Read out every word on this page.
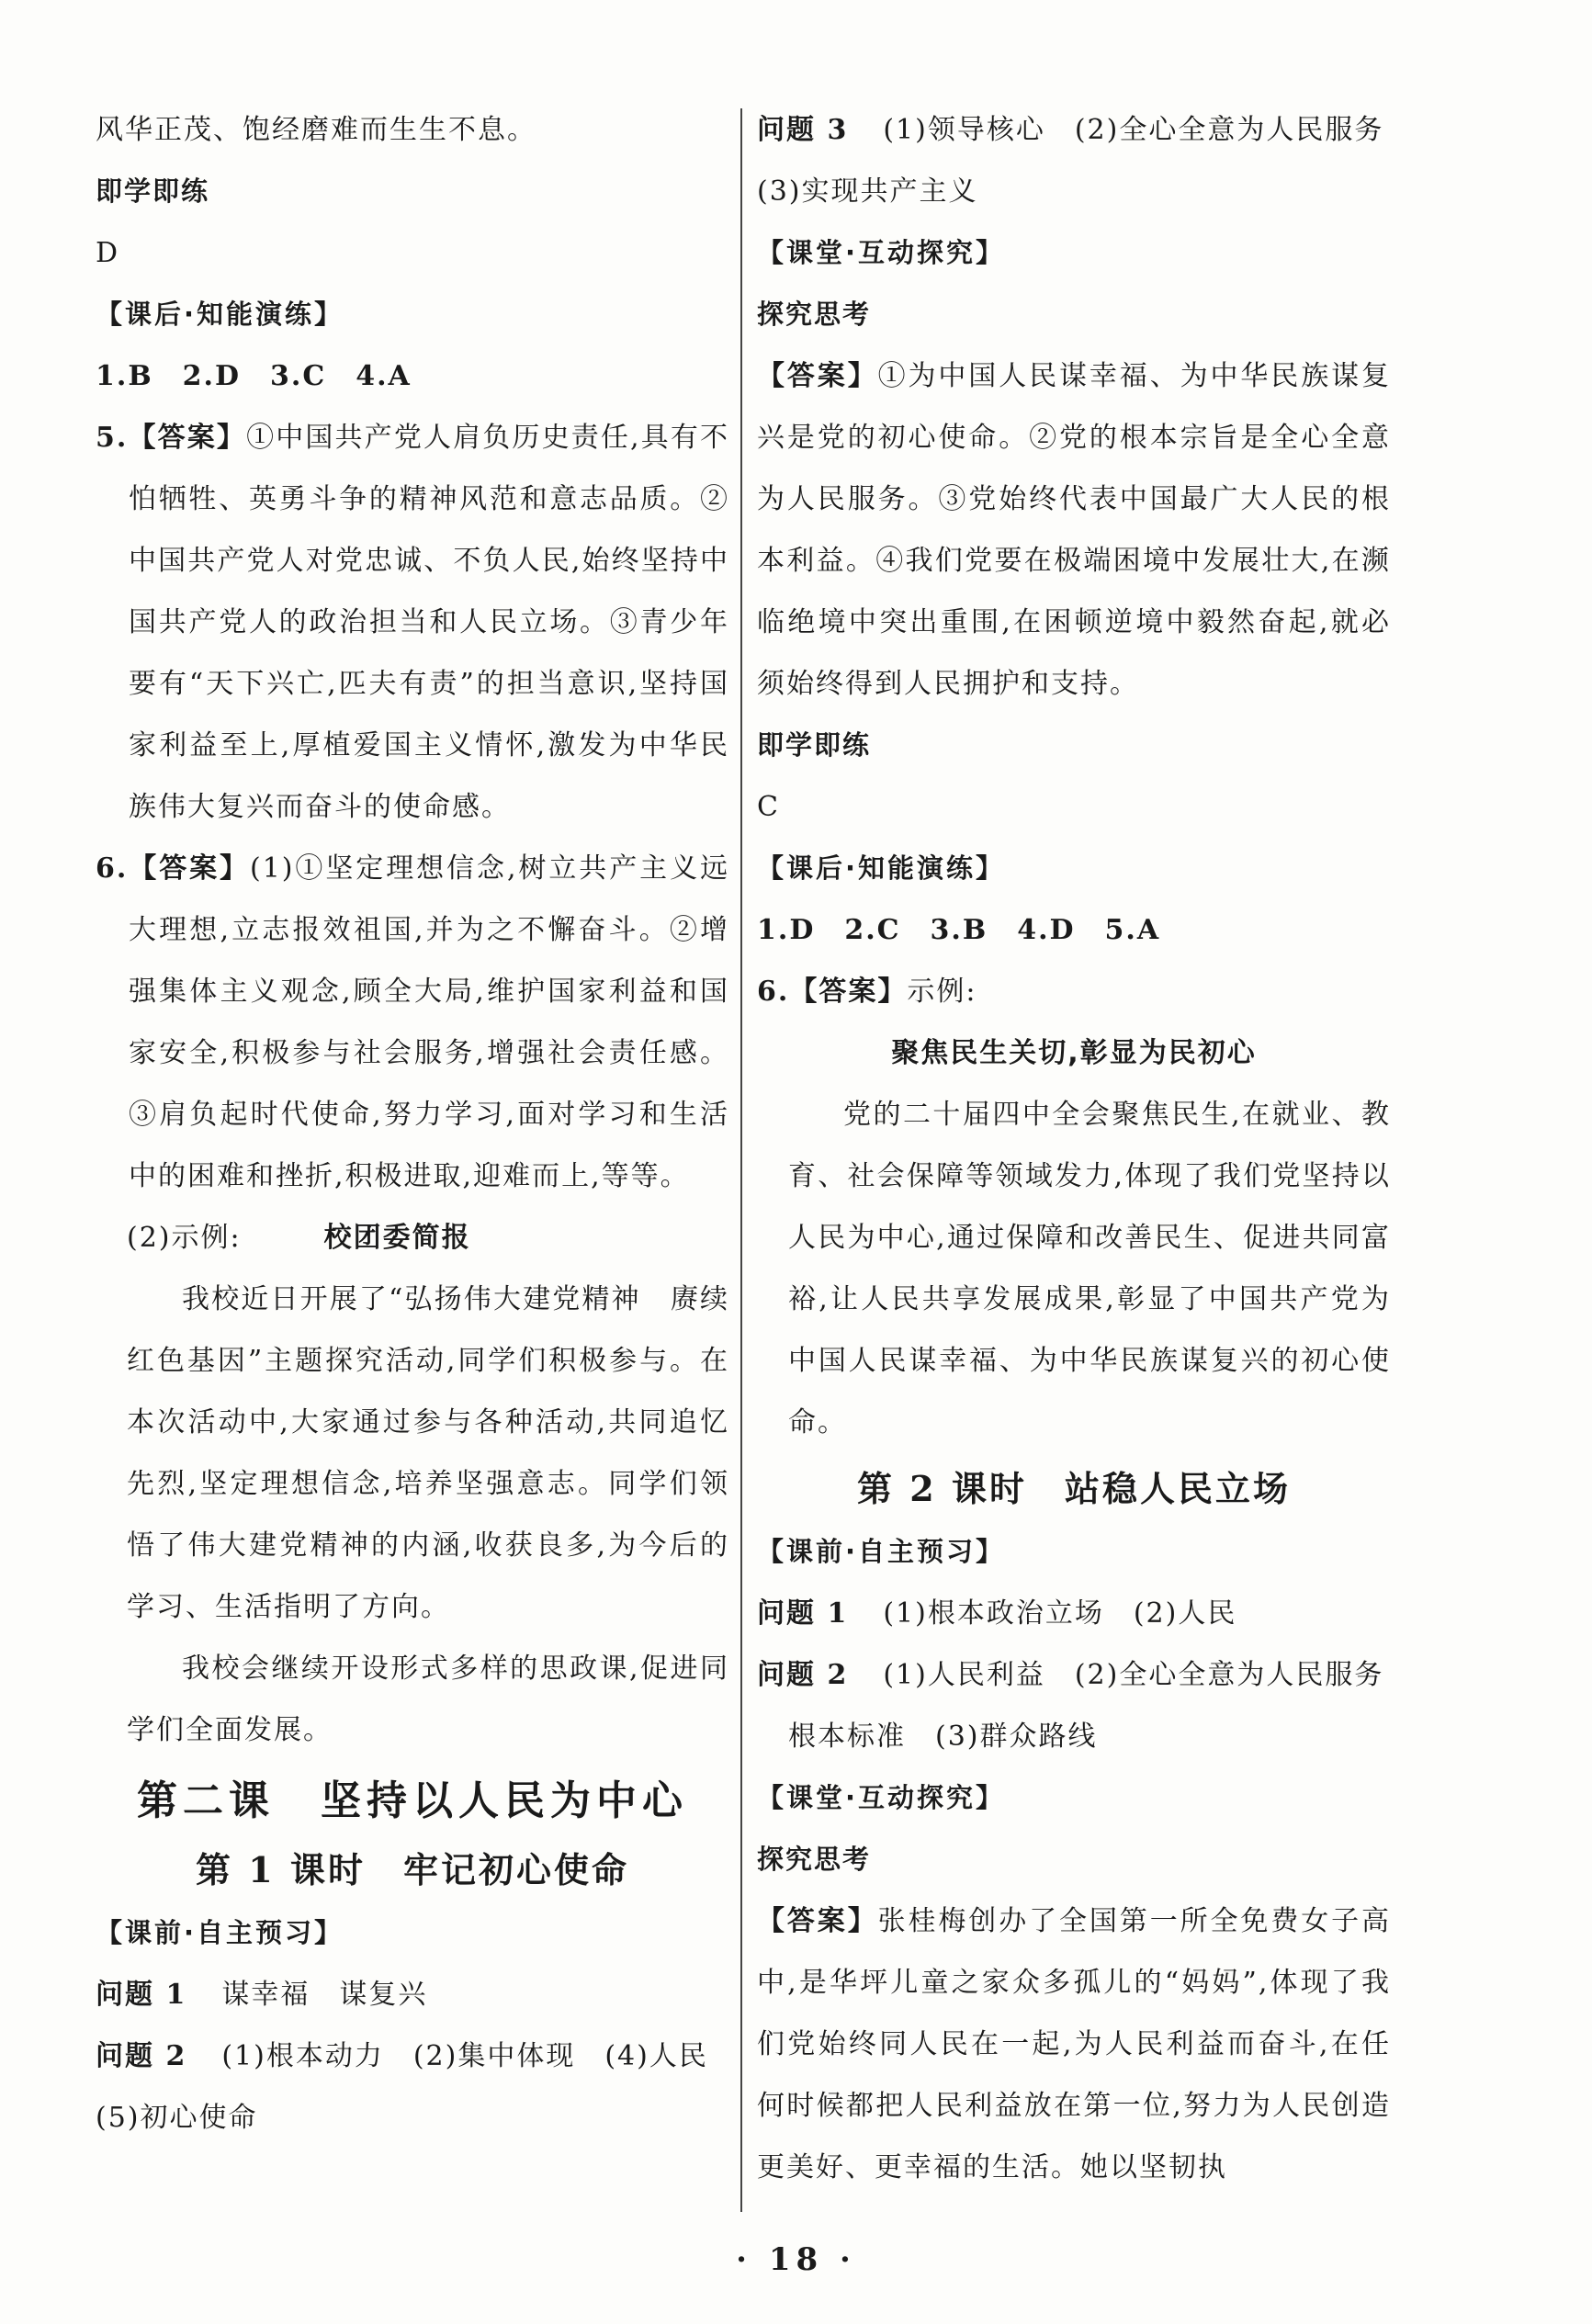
风华正茂、饱经磨难而生生不息。
即学即练
D
【课后·知能演练】
1.B　2.D　3.C　4.A
5.【答案】①中国共产党人肩负历史责任,具有不怕牺牲、英勇斗争的精神风范和意志品质。②中国共产党人对党忠诚、不负人民,始终坚持中国共产党人的政治担当和人民立场。③青少年要有“天下兴亡,匹夫有责”的担当意识,坚持国家利益至上,厚植爱国主义情怀,激发为中华民族伟大复兴而奋斗的使命感。
6.【答案】(1)①坚定理想信念,树立共产主义远大理想,立志报效祖国,并为之不懈奋斗。②增强集体主义观念,顾全大局,维护国家利益和国家安全,积极参与社会服务,增强社会责任感。③肩负起时代使命,努力学习,面对学习和生活中的困难和挫折,积极进取,迎难而上,等等。
(2)示例:	校团委简报
我校近日开展了“弘扬伟大建党精神　赓续红色基因”主题探究活动,同学们积极参与。在本次活动中,大家通过参与各种活动,共同追忆先烈,坚定理想信念,培养坚强意志。同学们领悟了伟大建党精神的内涵,收获良多,为今后的学习、生活指明了方向。
我校会继续开设形式多样的思政课,促进同学们全面发展。
第二课　坚持以人民为中心
第 1 课时　牢记初心使命
【课前·自主预习】
问题 1 谋幸福　谋复兴
问题 2 (1)根本动力　(2)集中体现　(4)人民
(5)初心使命
问题 3 (1)领导核心　(2)全心全意为人民服务
(3)实现共产主义
【课堂·互动探究】
探究思考
【答案】①为中国人民谋幸福、为中华民族谋复兴是党的初心使命。②党的根本宗旨是全心全意为人民服务。③党始终代表中国最广大人民的根本利益。④我们党要在极端困境中发展壮大,在濒临绝境中突出重围,在困顿逆境中毅然奋起,就必须始终得到人民拥护和支持。
即学即练
C
【课后·知能演练】
1.D　2.C　3.B　4.D　5.A
6.【答案】示例:
聚焦民生关切,彰显为民初心
党的二十届四中全会聚焦民生,在就业、教育、社会保障等领域发力,体现了我们党坚持以人民为中心,通过保障和改善民生、促进共同富裕,让人民共享发展成果,彰显了中国共产党为中国人民谋幸福、为中华民族谋复兴的初心使命。
第 2 课时　站稳人民立场
【课前·自主预习】
问题 1 (1)根本政治立场　(2)人民
问题 2 (1)人民利益　(2)全心全意为人民服务
根本标准　(3)群众路线
【课堂·互动探究】
探究思考
【答案】张桂梅创办了全国第一所全免费女子高中,是华坪儿童之家众多孤儿的“妈妈”,体现了我们党始终同人民在一起,为人民利益而奋斗,在任何时候都把人民利益放在第一位,努力为人民创造更美好、更幸福的生活。她以坚韧执
· 18 ·
